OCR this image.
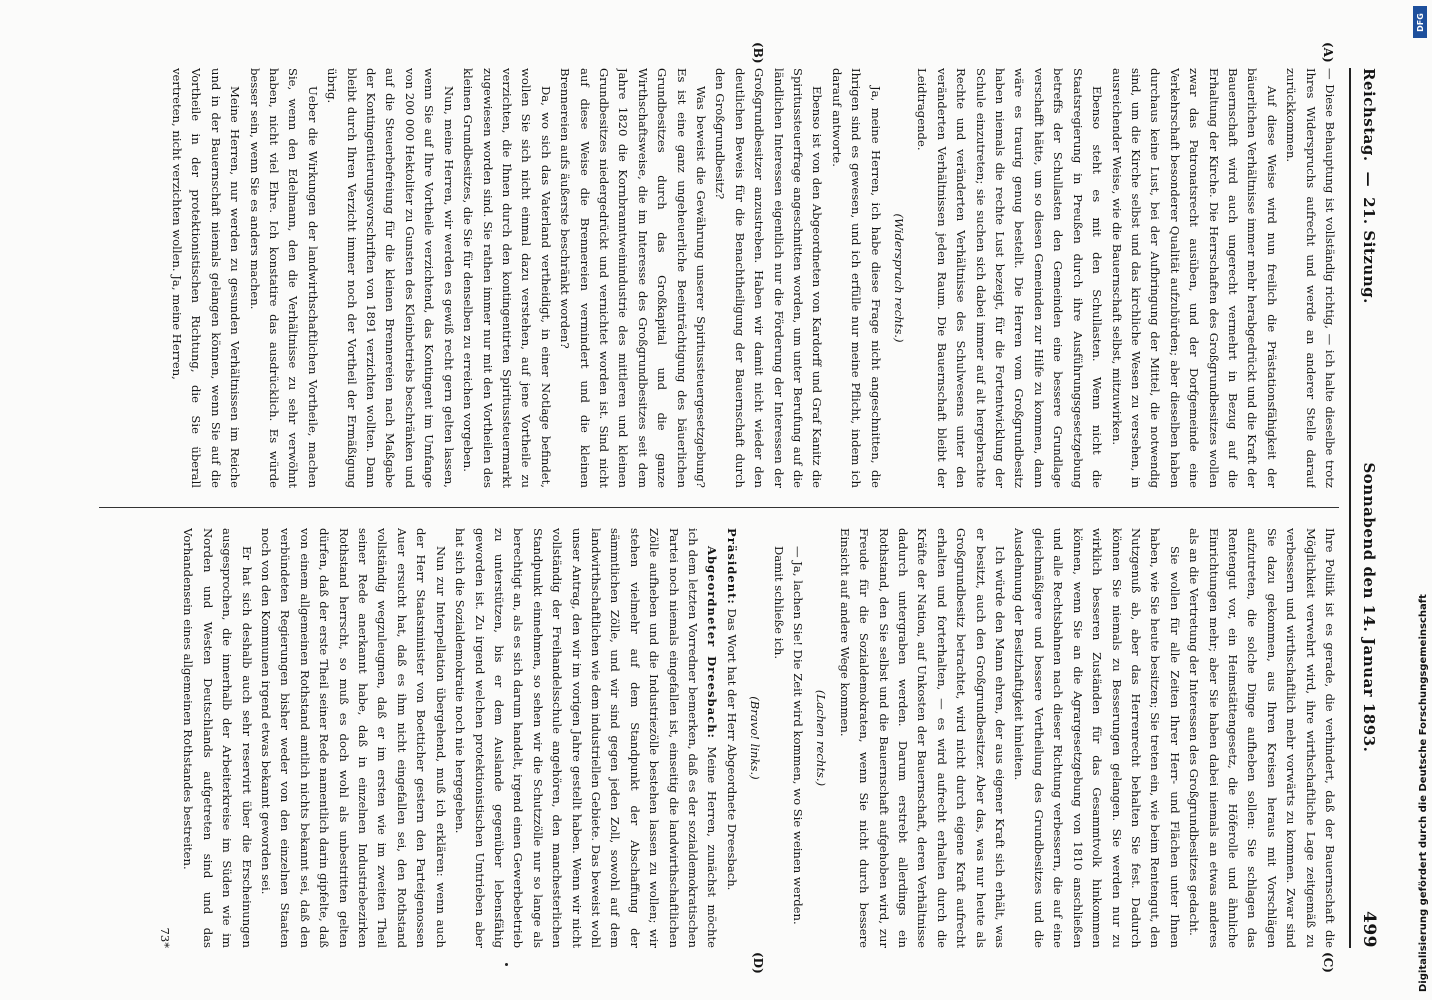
Reichstag.—21. Sitzung.
Sonnabend den 14. Januar 1893.
499
(A)
(B)
(C)
(D)

— Diese Behauptung ist vollständig richtig, — ich halte dieselbe trotz Ihres Widerspruchs aufrecht und werde an anderer Stelle darauf zurückkommen.

Auf diese Weise wird nun freilich die Prästationsfähigkeit der bäuerlichen Verhältnisse immer mehr herabgedrückt und die Kraft der Bauernschaft wird auch ungerecht vermehrt in Bezug auf die Erhaltung der Kirche. Die Herrschaften des Großgrundbesitzes wollen zwar das Patronatsrecht ausüben, und der Dorfgemeinde eine Verkehrschaft besonderer Qualität aufzubürden; aber dieselben haben durchaus keine Lust, bei der Aufbringung der Mittel, die notwendig sind, um die Kirche selbst und das kirchliche Wesen zu versehen, in ausreichender Weise, wie die Bauernschaft selbst, mitzuwirken.

Ebenso steht es mit den Schullasten. Wenn nicht die Staatsregierung in Preußen durch ihre Ausführungsgesetzgebung betreffs der Schullasten den Gemeinden eine bessere Grundlage verschafft hätte, um so diesen Gemeinden zur Hilfe zu kommen, dann wäre es traurig genug bestellt. Die Herren vom Großgrundbesitz haben niemals die rechte Lust bezeigt, für die Fortentwicklung der Schule einzutreten; sie suchen sich dabei immer auf alt hergebrachte Rechte und veränderten Verhältnisse des Schulwesens unter den veränderten Verhältnissen jeden Raum. Die Bauernschaft bleibt der Leidtragende.

(Widerspruch rechts.)

Ja, meine Herren, ich habe diese Frage nicht angeschnitten, die Ihrigen sind es gewesen, und ich erfülle nur meine Pflicht, indem ich darauf antworte.

Ebenso ist von den Abgeordneten von Kardorff und Graf Kanitz die Spiritussteuerfrage angeschnitten worden, um unter Berufung auf die ländlichen Interessen eigentlich nur die Förderung der Interessen der Großgrundbesitzer anzustreben. Haben wir damit nicht wieder den deutlichen Beweis für die Benachtheiligung der Bauernschaft durch den Großgrundbesitz?

Was beweist die Gewährung unserer Spiritussteuergesetzgebung? Es ist eine ganz ungeheuerliche Beeinträchtigung des bäuerlichen Grundbesitzes durch das Großkapital und die ganze Wirthschaftsweise, die im Interesse des Großgrundbesitzes seit dem Jahre 1820 die Kornbranntweinindustrie des mittleren und kleinen Grundbesitzes niedergedrückt und vernichtet worden ist. Sind nicht auf diese Weise die Brennereien vermindert und die kleinen Brennereien aufs äußerste beschränkt worden?

Da, wo sich das Vaterland vertheidigt, in einer Notlage befindet, wollen Sie sich nicht einmal dazu verstehen, auf jene Vortheile zu verzichten, die Ihnen durch den kontingentirten Spiritussteuermarkt zugewiesen worden sind. Sie rathen immer nur mit den Vortheilen des kleinen Grundbesitzes, die Sie für denselben zu erreichen vorgeben.

Nun, meine Herren, wir werden es gewiß recht gern gelten lassen, wenn Sie auf Ihre Vortheile verzichtend, das Kontingent im Umfange von 200 000 Hektoliter zu Gunsten des Kleinbetriebs beschränken und auf die Steuerbefreiung für die kleinen Brennereien nach Maßgabe der Kontingentierungsvorschriften von 1891 verzichten wollten. Dann bleibt durch Ihren Verzicht immer noch der Vortheil der Ermäßigung übrig.

Ueber die Wirkungen der landwirthschaftlichen Vortheile, machen Sie, wenn den Edelmann, den die Verhältnisse zu sehr verwöhnt haben, nicht viel Ehre. Ich konstatire das ausdrücklich. Es würde besser sein, wenn Sie es anders machen.

Meine Herren, nur werden zu gesunden Verhältnissen im Reiche und in der Bauernschaft niemals gelangen können, wenn Sie auf die Vortheile in der protektionistischen Richtung, die Sie überall vertreten, nicht verzichten wollen. Ja, meine Herren,

Ihre Politik ist es gerade, die verhindert, daß der Bauernschaft die Möglichkeit verwehrt wird, ihre wirthschaftliche Lage zeitgemäß zu verbessern und wirthschaftlich mehr vorwärts zu kommen. Zwar sind Sie dazu gekommen, aus Ihren Kreisen heraus mit Vorschlägen aufzutreten, die solche Dinge aufheben sollen: Sie schlagen das Rentengut vor, ein Heimstättengesetz, die Höferolle und ähnliche Einrichtungen mehr; aber Sie haben dabei niemals an etwas anderes als an die Vertretung der Interessen des Großgrundbesitzes gedacht.

Sie wollen für alle Zeiten Ihrer Herr- und Flächen unter Ihnen haben, wie Sie heute besitzen; Sie treten ein, wie beim Rentengut, den Nutzgenuß ab, aber das Herrenrecht behalten Sie fest. Dadurch können Sie niemals zu Besserungen gelangen. Sie werden nur zu wirklich besseren Zuständen für das Gesammtvolk hinkommen können, wenn Sie an die Agrargesetzgebung von 1810 anschließen und alle Rechtsbahnen nach dieser Richtung verbessern, die auf eine gleichmäßigere und bessere Vertheilung des Grundbesitzes und die Ausdehnung der Besitzhaftigkeit hinleiten.

Ich würde den Mann ehren, der aus eigener Kraft sich erhält, was er besitzt, auch den Großgrundbesitzer. Aber das, was nur heute als Großgrundbesitz betrachtet, wird nicht durch eigene Kraft aufrecht erhalten und forterhalten, — es wird aufrecht erhalten durch die Kräfte der Nation, auf Unkosten der Bauernschaft, deren Verhältnisse dadurch untergraben werden. Darum erstrebt allerdings ein Rothstand, den Sie selbst und die Bauernschaft aufgehoben wird, zur Freude für die Sozialdemokraten, wenn Sie nicht durch bessere Einsicht auf andere Wege kommen.

(Lachen rechts.)

— Ja, lachen Sie! Die Zeit wird kommen, wo Sie weinen werden.

Damit schließe ich.

(Bravo! links.)

Präsident: Das Wort hat der Herr Abgeordnete Dreesbach.

Abgeordneter Dreesbach: Meine Herren, zunächst möchte ich dem letzten Vorredner bemerken, daß es der sozialdemokratischen Partei noch niemals eingefallen ist, einseitig die landwirthschaftlichen Zölle aufheben und die Industriezölle bestehen lassen zu wollen; wir stehen vielmehr auf dem Standpunkt der Abschaffung der sämmtlichen Zölle, und wir sind gegen jeden Zoll, sowohl auf dem landwirthschaftlichen wie dem industriellen Gebiete. Das beweist wohl unser Antrag, den wir im vorigen Jahre gestellt haben. Wenn wir nicht vollständig der Freihandelsschule angehören, den manchesterlichen Standpunkt einnehmen, so sehen wir die Schutzzölle nur so lange als berechtigt an, als es sich darum handelt, irgend einen Gewerbebetrieb zu unterstützen, bis er dem Auslande gegenüber lebensfähig geworden ist. Zu irgend welchen protektionistischen Umtrieben aber hat sich die Sozialdemokratie noch nie hergegeben.

Nun zur Interpellation übergehend, muß ich erklären: wenn auch der Herr Staatsminister von Boetticher gestern den Parteigenossen Auer ersucht hat, daß es ihm nicht eingefallen sei, den Rothstand vollständig wegzuleugnen, daß er im ersten wie im zweiten Theil seiner Rede anerkannt habe, daß in einzelnen Industriebezirken Rothstand herrscht, so muß es doch wohl als unbestritten gelten dürfen, daß der erste Theil seiner Rede namentlich darin gipfelte, daß von einem allgemeinen Rothstand amtlich nichts bekannt sei, daß den verbündeten Regierungen bisher weder von den einzelnen Staaten noch von den Kommunen irgend etwas bekannt geworden sei.

Er hat sich deshalb auch sehr reservirt über die Erscheinungen ausgesprochen, die innerhalb der Arbeiterkreise im Süden wie im Norden und Westen Deutschlands aufgetreten sind und das Vorhandensein eines allgemeinen Rothstandes bestreiten.

73*

DFG
Digitalisierung gefördert durch die Deutsche Forschungsgemeinschaft
